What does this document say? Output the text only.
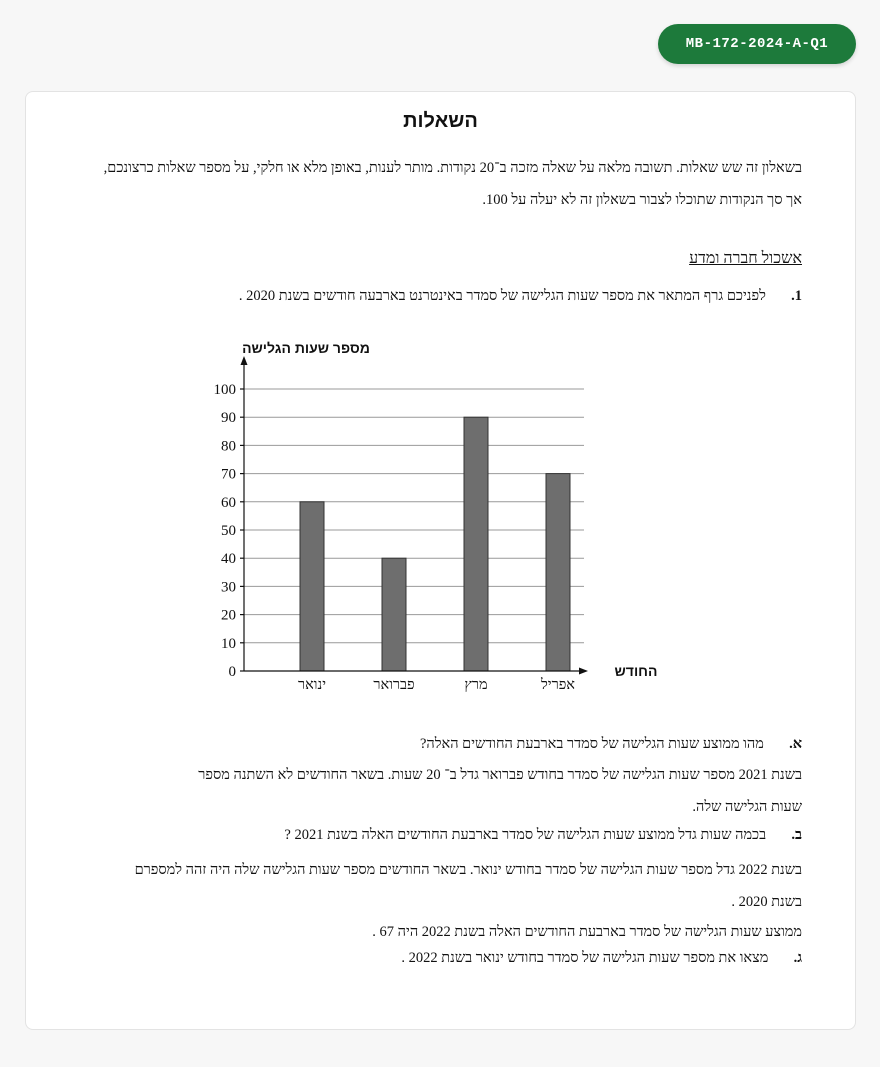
MB-172-2024-A-Q1
השאלות
בשאלון זה שש שאלות. תשובה מלאה על שאלה מזכה ב־20 נקודות. מותר לענות, באופן מלא או חלקי, על מספר שאלות כרצונכם,
אך סך הנקודות שתוכלו לצבור בשאלון זה לא יעלה על 100.
אשכול חברה ומדע
1.  לפניכם גרף המתאר את מספר שעות הגלישה של סמדר באינטרנט בארבעה חודשים בשנת 2020 .
0
10
20
30
40
50
60
70
80
90
100
ינואר	פברואר	מרץ	אפריל
מספר שעות הגלישה
החודש
א.  מהו ממוצע שעות הגלישה של סמדר בארבעת החודשים האלה?
בשנת 2021 מספר שעות הגלישה של סמדר בחודש פברואר גדל ב־ 20 שעות. בשאר החודשים לא השתנה מספר
שעות הגלישה שלה.
ב.  בכמה שעות גדל ממוצע שעות הגלישה של סמדר בארבעת החודשים האלה בשנת 2021 ?
בשנת 2022 גדל מספר שעות הגלישה של סמדר בחודש ינואר. בשאר החודשים מספר שעות הגלישה שלה היה זהה למספרם
בשנת 2020 .
ממוצע שעות הגלישה של סמדר בארבעת החודשים האלה בשנת 2022 היה 67 .
ג.  מצאו את מספר שעות הגלישה של סמדר בחודש ינואר בשנת 2022 .
